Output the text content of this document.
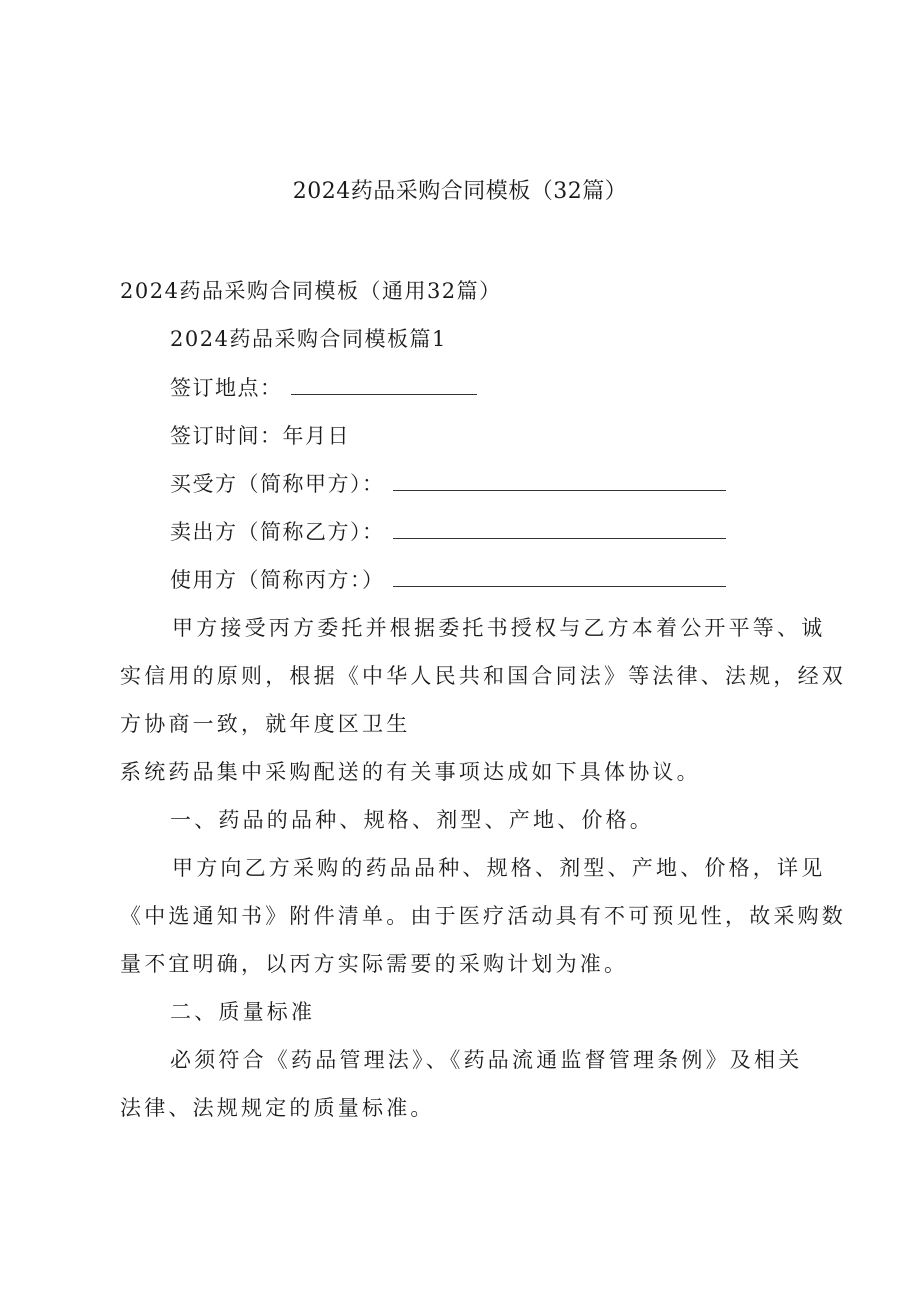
2024药品采购合同模板（32篇）
2024药品采购合同模板（通用32篇）
2024药品采购合同模板篇1
签订地点：
签订时间：年月日
买受方（简称甲方）：
卖出方（简称乙方）：
使用方（简称丙方：）
甲方接受丙方委托并根据委托书授权与乙方本着公开平等、诚
实信用的原则，根据《中华人民共和国合同法》等法律、法规，经双
方协商一致，就年度区卫生
系统药品集中采购配送的有关事项达成如下具体协议。
一、药品的品种、规格、剂型、产地、价格。
甲方向乙方采购的药品品种、规格、剂型、产地、价格，详见
《中选通知书》附件清单。由于医疗活动具有不可预见性，故采购数
量不宜明确，以丙方实际需要的采购计划为准。
二、质量标准
必须符合《药品管理法》、《药品流通监督管理条例》及相关
法律、法规规定的质量标准。
